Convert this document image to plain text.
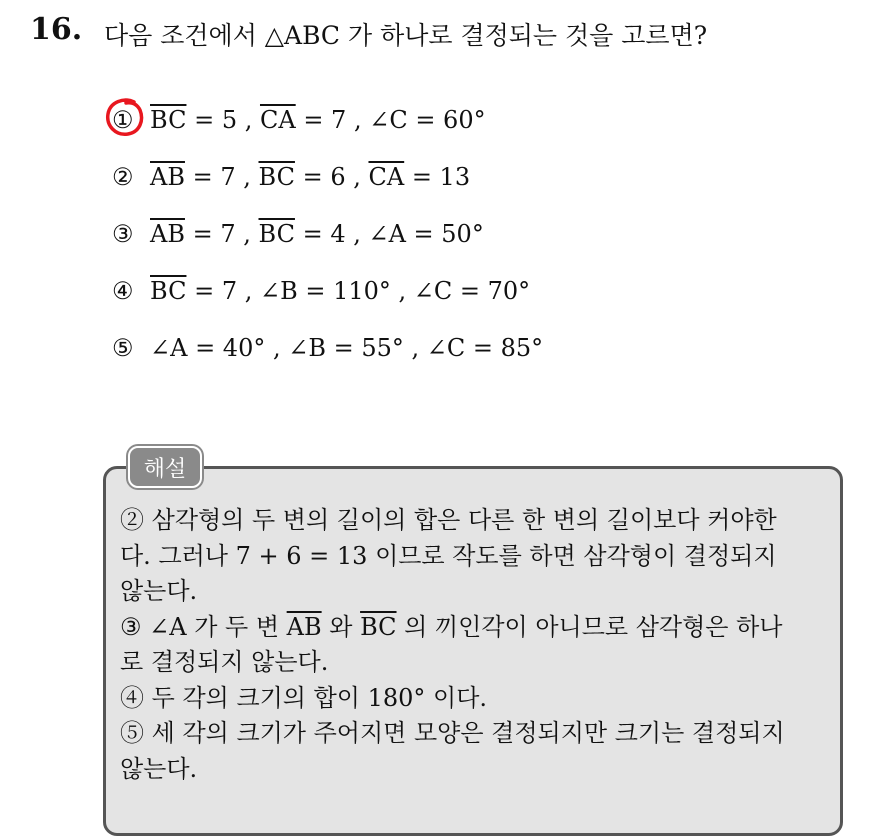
16. 다음 조건에서 △ABC 가 하나로 결정되는 것을 고르면?
① $\overline{BC} = 5$ , $\overline{CA} = 7$ , ∠C = 60°
② $\overline{AB} = 7$ , $\overline{BC} = 6$ , $\overline{CA} = 13$
③ $\overline{AB} = 7$ , $\overline{BC} = 4$ , ∠A = 50°
④ $\overline{BC} = 7$ , ∠B = 110° , ∠C = 70°
⑤ ∠A = 40° , ∠B = 55° , ∠C = 85°
해설
② 삼각형의 두 변의 길이의 합은 다른 한 변의 길이보다 커야한
다. 그러나 7 + 6 = 13 이므로 작도를 하면 삼각형이 결정되지
않는다.
③ ∠A 가 두 변 $\overline{AB}$ 와 $\overline{BC}$ 의 끼인각이 아니므로 삼각형은 하나
로 결정되지 않는다.
④ 두 각의 크기의 합이 180° 이다.
⑤ 세 각의 크기가 주어지면 모양은 결정되지만 크기는 결정되지
않는다.
